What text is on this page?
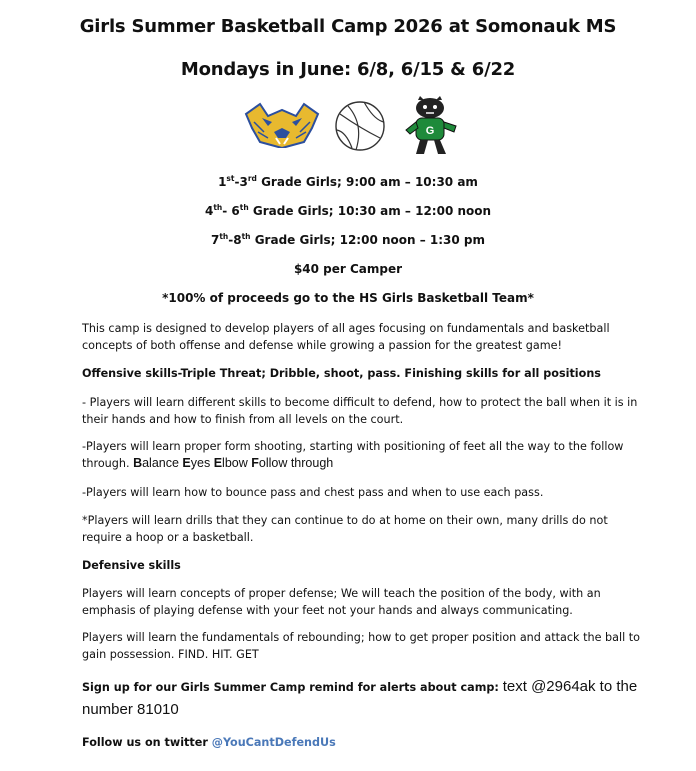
Girls Summer Basketball Camp 2026 at Somonauk MS
Mondays in June: 6/8, 6/15 & 6/22
G
1st-3rd Grade Girls; 9:00 am – 10:30 am
4th- 6th Grade Girls; 10:30 am – 12:00 noon
7th-8th Grade Girls; 12:00 noon – 1:30 pm
$40 per Camper
*100% of proceeds go to the HS Girls Basketball Team*
This camp is designed to develop players of all ages focusing on fundamentals and basketball concepts of both offense and defense while growing a passion for the greatest game!
Offensive skills-Triple Threat; Dribble, shoot, pass. Finishing skills for all positions
- Players will learn different skills to become difficult to defend, how to protect the ball when it is in their hands and how to finish from all levels on the court.
-Players will learn proper form shooting, starting with positioning of feet all the way to the follow through. Balance Eyes Elbow Follow through
-Players will learn how to bounce pass and chest pass and when to use each pass.
*Players will learn drills that they can continue to do at home on their own, many drills do not require a hoop or a basketball.
Defensive skills
Players will learn concepts of proper defense; We will teach the position of the body, with an emphasis of playing defense with your feet not your hands and always communicating.
Players will learn the fundamentals of rebounding; how to get proper position and attack the ball to gain possession. FIND. HIT. GET
Sign up for our Girls Summer Camp remind for alerts about camp: text @2964ak to the number 81010
Follow us on twitter @YouCantDefendUs
